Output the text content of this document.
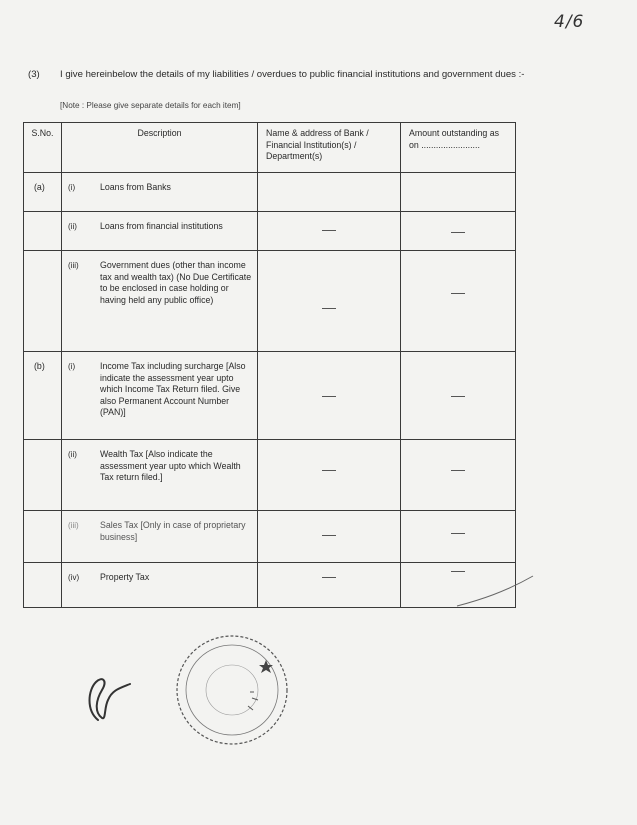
4/6
(3) I give hereinbelow the details of my liabilities / overdues to public financial institutions and government dues :-
[Note : Please give separate details for each item]
S.No.	Description	Name & address of Bank / Financial Institution(s) / Department(s)	Amount outstanding as on ........................
(a)	(i) Loans from Banks		

	(ii) Loans from financial institutions		

	(iii) Government dues (other than income tax and wealth tax) (No Due Certificate to be enclosed in case holding or having held any public office)		

(b)	(i) Income Tax including surcharge [Also indicate the assessment year upto which Income Tax Return filed. Give also Permanent Account Number (PAN)]		

	(ii) Wealth Tax [Also indicate the assessment year upto which Wealth Tax return filed.]		

	(iii) Sales Tax [Only in case of proprietary business]		

	(iv) Property Tax		
